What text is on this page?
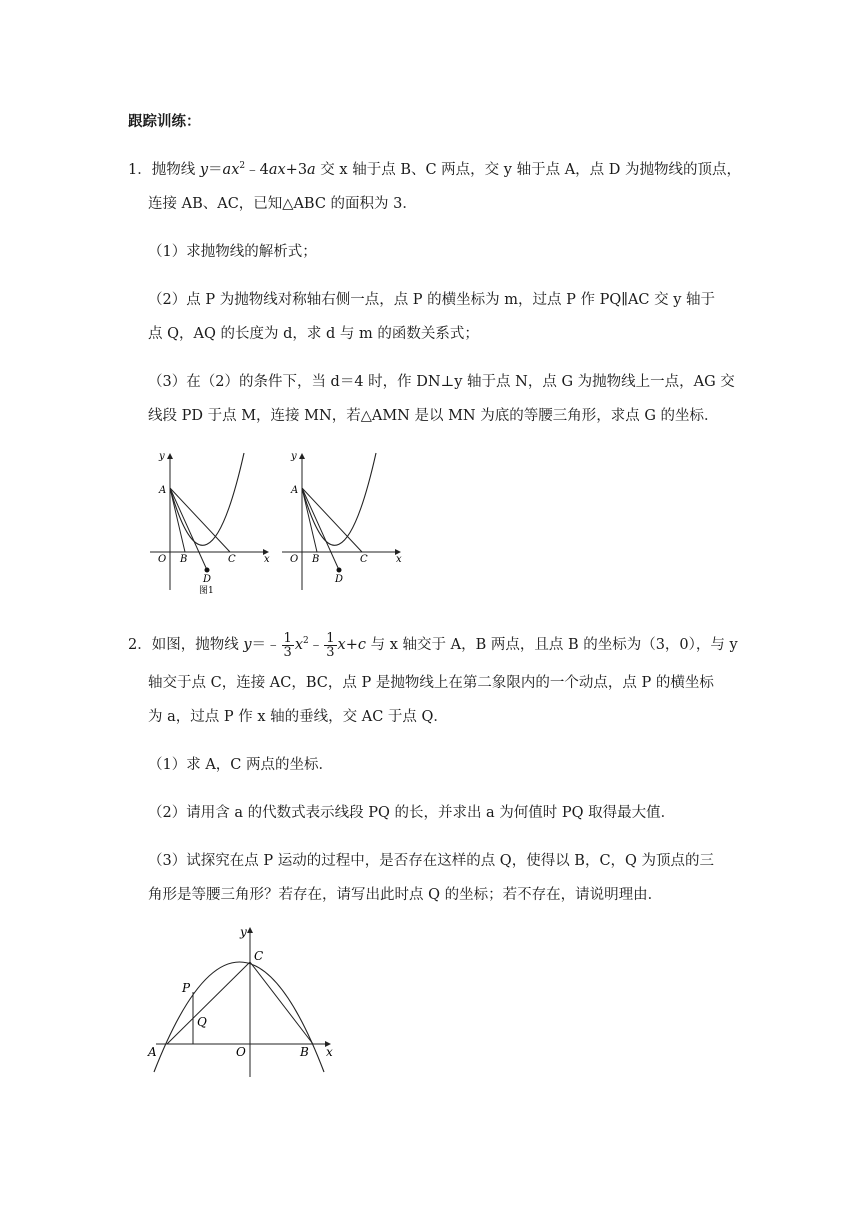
跟踪训练：
1．抛物线 $y=ax^2﹣4ax+3a$ 交 x 轴于点 B、C 两点，交 y 轴于点 A，点 D 为抛物线的顶点，
连接 AB、AC，已知△ABC 的面积为 3．
（1）求抛物线的解析式；
（2）点 P 为抛物线对称轴右侧一点，点 P 的横坐标为 m，过点 P 作 PQ∥AC 交 y 轴于
点 Q，AQ 的长度为 d，求 d 与 m 的函数关系式；
（3）在（2）的条件下，当 d＝4 时，作 DN⊥y 轴于点 N，点 G 为抛物线上一点，AG 交
线段 PD 于点 M，连接 MN，若△AMN 是以 MN 为底的等腰三角形，求点 G 的坐标．
y
A
O B	C	x
D
图1
y
A
O B	C	x
D
2．如图，抛物线 y＝﹣ $\frac{1}{3}$ $x^2﹣ \frac{1}{3} x+c$ 与 x 轴交于 A，B 两点，且点 B 的坐标为（3，0），与 y
轴交于点 C，连接 AC，BC，点 P 是抛物线上在第二象限内的一个动点，点 P 的横坐标
为 a，过点 P 作 x 轴的垂线，交 AC 于点 Q．
（1）求 A，C 两点的坐标．
（2）请用含 a 的代数式表示线段 PQ 的长，并求出 a 为何值时 PQ 取得最大值．
（3）试探究在点 P 运动的过程中，是否存在这样的点 Q，使得以 B，C，Q 为顶点的三
角形是等腰三角形？若存在，请写出此时点 Q 的坐标；若不存在，请说明理由．
y
C
P
Q
A	O	B x
